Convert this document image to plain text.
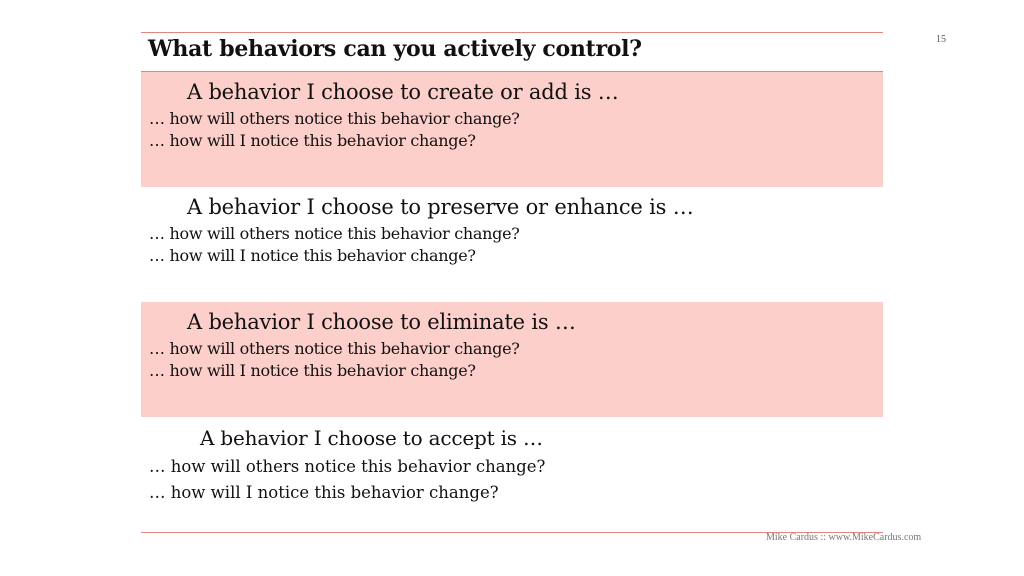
15
What behaviors can you actively control?
A behavior I choose to create or add is …
… how will others notice this behavior change?
… how will I notice this behavior change?
A behavior I choose to preserve or enhance is …
… how will others notice this behavior change?
… how will I notice this behavior change?
A behavior I choose to eliminate is …
… how will others notice this behavior change?
… how will I notice this behavior change?
A behavior I choose to accept is …
… how will others notice this behavior change?
… how will I notice this behavior change?
Mike Cardus :: www.MikeCardus.com
